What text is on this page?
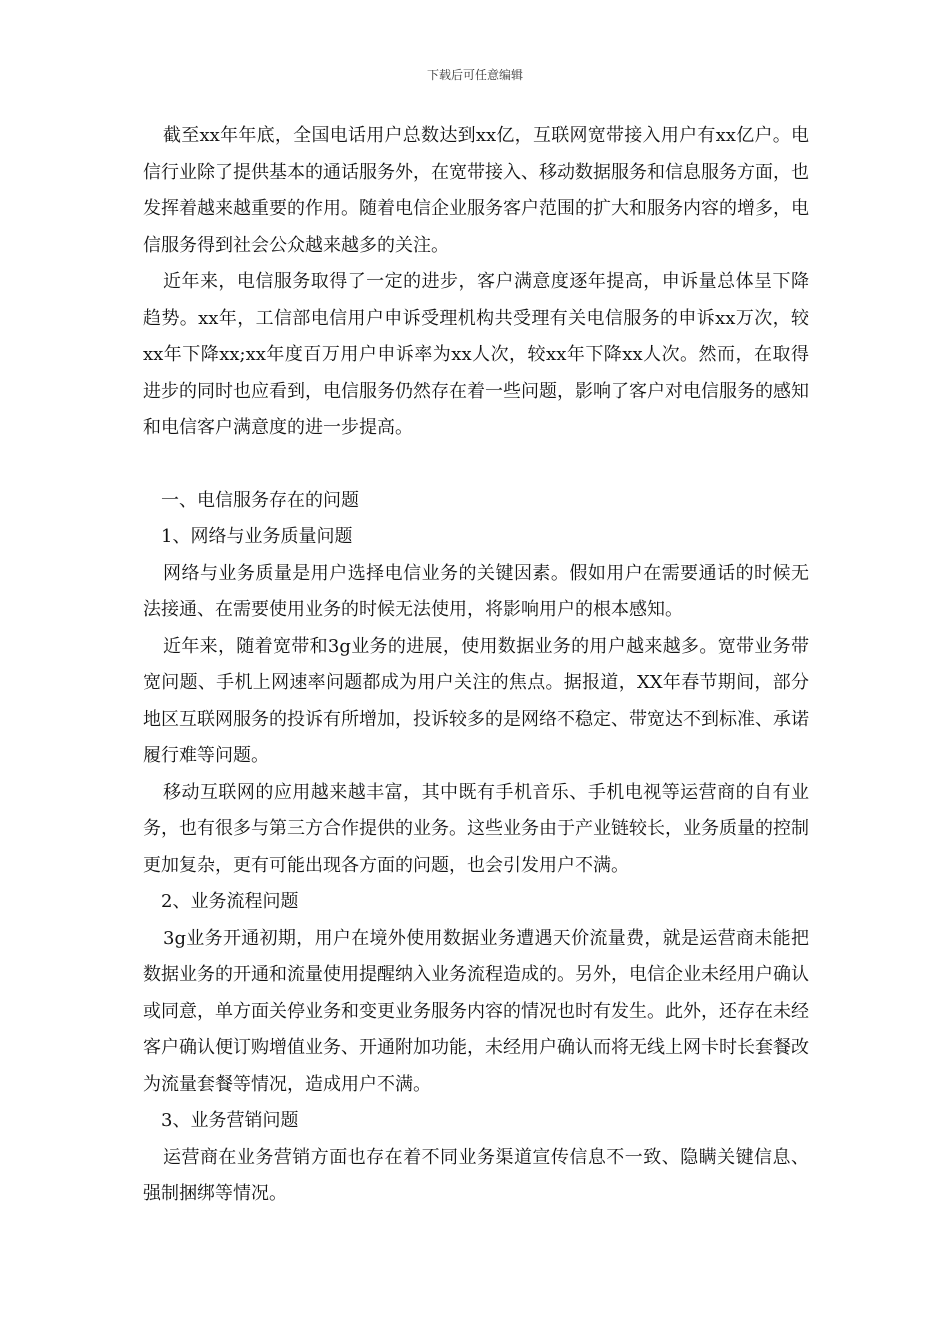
下载后可任意编辑

截至xx年年底，全国电话用户总数达到xx亿，互联网宽带接入用户有xx亿户。电信行业除了提供基本的通话服务外，在宽带接入、移动数据服务和信息服务方面，也发挥着越来越重要的作用。随着电信企业服务客户范围的扩大和服务内容的增多，电信服务得到社会公众越来越多的关注。

近年来，电信服务取得了一定的进步，客户满意度逐年提高，申诉量总体呈下降趋势。xx年，工信部电信用户申诉受理机构共受理有关电信服务的申诉xx万次，较xx年下降xx;xx年度百万用户申诉率为xx人次，较xx年下降xx人次。然而，在取得进步的同时也应看到，电信服务仍然存在着一些问题，影响了客户对电信服务的感知和电信客户满意度的进一步提高。

一、电信服务存在的问题

1、网络与业务质量问题

网络与业务质量是用户选择电信业务的关键因素。假如用户在需要通话的时候无法接通、在需要使用业务的时候无法使用，将影响用户的根本感知。

近年来，随着宽带和3g业务的进展，使用数据业务的用户越来越多。宽带业务带宽问题、手机上网速率问题都成为用户关注的焦点。据报道，XX年春节期间，部分地区互联网服务的投诉有所增加，投诉较多的是网络不稳定、带宽达不到标准、承诺履行难等问题。

移动互联网的应用越来越丰富，其中既有手机音乐、手机电视等运营商的自有业务，也有很多与第三方合作提供的业务。这些业务由于产业链较长，业务质量的控制更加复杂，更有可能出现各方面的问题，也会引发用户不满。

2、业务流程问题

3g业务开通初期，用户在境外使用数据业务遭遇天价流量费，就是运营商未能把数据业务的开通和流量使用提醒纳入业务流程造成的。另外，电信企业未经用户确认或同意，单方面关停业务和变更业务服务内容的情况也时有发生。此外，还存在未经客户确认便订购增值业务、开通附加功能，未经用户确认而将无线上网卡时长套餐改为流量套餐等情况，造成用户不满。

3、业务营销问题

运营商在业务营销方面也存在着不同业务渠道宣传信息不一致、隐瞒关键信息、强制捆绑等情况。
